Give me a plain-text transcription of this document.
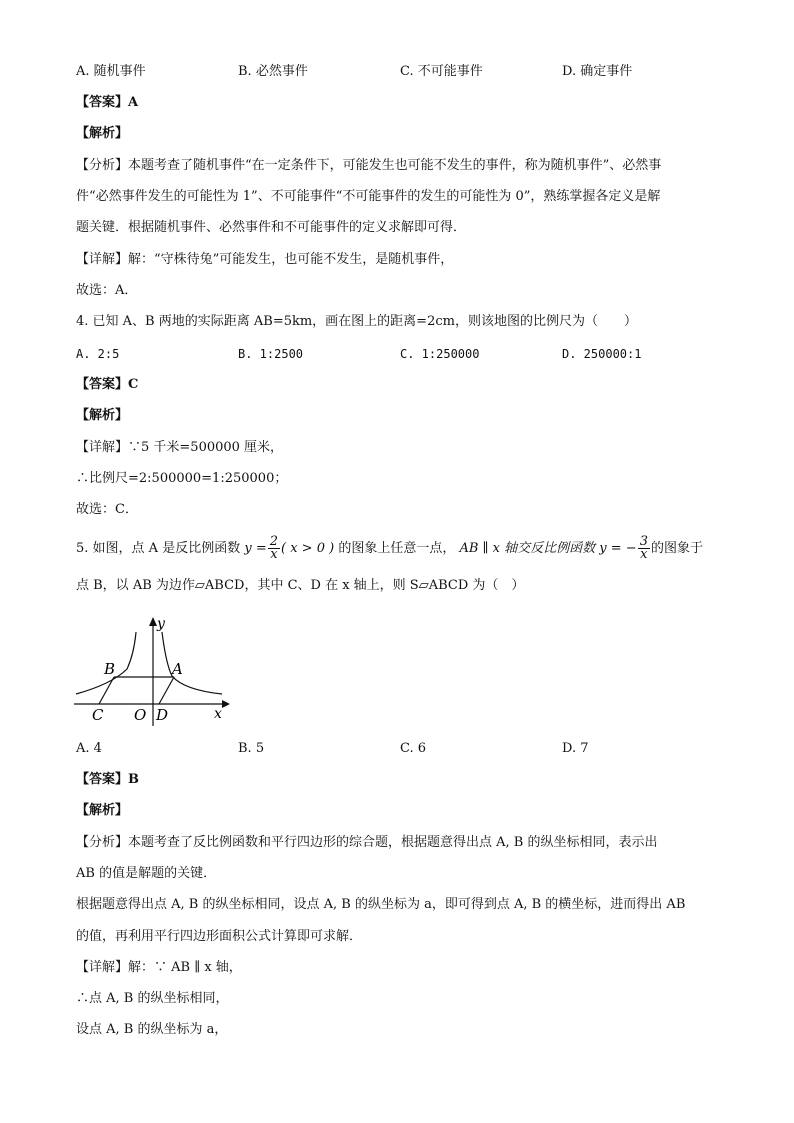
A. 随机事件	B. 必然事件	C. 不可能事件	D. 确定事件
【答案】A
【解析】
【分析】本题考查了随机事件“在一定条件下，可能发生也可能不发生的事件，称为随机事件”、必然事
件“必然事件发生的可能性为 1”、不可能事件“不可能事件的发生的可能性为 0”，熟练掌握各定义是解
题关键．根据随机事件、必然事件和不可能事件的定义求解即可得．
【详解】解：“守株待兔”可能发生，也可能不发生，是随机事件，
故选：A．
4. 已知 A、B 两地的实际距离 AB=5km，画在图上的距离=2cm，则该地图的比例尺为（　　）
A. 2:5	B. 1:2500	C. 1:250000	D. 250000:1
【答案】C
【解析】
【详解】∵5 千米=500000 厘米，
∴比例尺=2:500000=1:250000；
故选：C．
5. 如图，点 A 是反比例函数 $y = \frac{2}{x}$ ( x > 0 ) 的图象上任意一点， AB ∥ x 轴交反比例函数 y = − $\frac{3}{x}$ 的图象于
点 B，以 AB 为边作▱ABCD，其中 C、D 在 x 轴上，则 S▱ABCD 为（　）
y
x
B	A
C O D
A. 4	B. 5	C. 6	D. 7
【答案】B
【解析】
【分析】本题考查了反比例函数和平行四边形的综合题，根据题意得出点 A, B 的纵坐标相同，表示出
AB 的值是解题的关键．
根据题意得出点 A, B 的纵坐标相同，设点 A, B 的纵坐标为 a，即可得到点 A, B 的横坐标，进而得出 AB
的值，再利用平行四边形面积公式计算即可求解．
【详解】解：∵ AB ∥ x 轴，
∴点 A, B 的纵坐标相同，
设点 A, B 的纵坐标为 a，
